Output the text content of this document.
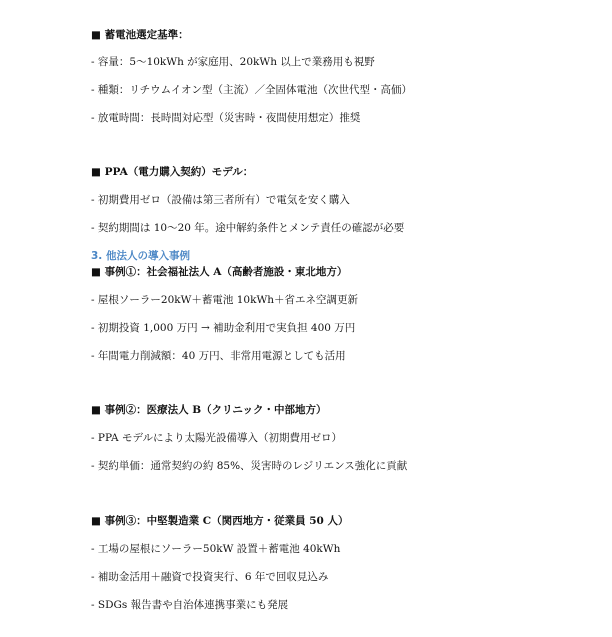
■ 蓄電池選定基準：
- 容量：5〜10kWh が家庭用、20kWh 以上で業務用も視野
- 種類：リチウムイオン型（主流）／全固体電池（次世代型・高価）
- 放電時間：長時間対応型（災害時・夜間使用想定）推奨
■ PPA（電力購入契約）モデル：
- 初期費用ゼロ（設備は第三者所有）で電気を安く購入
- 契約期間は 10〜20 年。途中解約条件とメンテ責任の確認が必要
3. 他法人の導入事例
■ 事例①：社会福祉法人 A（高齢者施設・東北地方）
- 屋根ソーラー20kW＋蓄電池 10kWh＋省エネ空調更新
- 初期投資 1,000 万円 → 補助金利用で実負担 400 万円
- 年間電力削減額：40 万円、非常用電源としても活用
■ 事例②：医療法人 B（クリニック・中部地方）
- PPA モデルにより太陽光設備導入（初期費用ゼロ）
- 契約単価：通常契約の約 85%、災害時のレジリエンス強化に貢献
■ 事例③：中堅製造業 C（関西地方・従業員 50 人）
- 工場の屋根にソーラー50kW 設置＋蓄電池 40kWh
- 補助金活用＋融資で投資実行、6 年で回収見込み
- SDGs 報告書や自治体連携事業にも発展
